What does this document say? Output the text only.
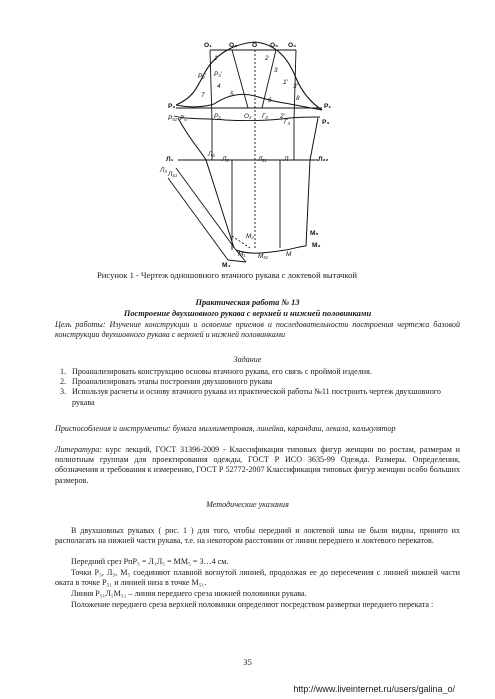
O₁	O₂ O O₅ O₃
1	2
3
P₂' P₃'
1'
3'
4
5
7
6	8
P₂	P₁
P₅₁	P₅	O₂ Г₂ 2'
Г₃	P₃
P₆
Л₅
Л₁	Л₂	Л₁₁	Л	Л₂₂
Л₅₁
Л₃
M₅
M₃
M
M₁ M₅₁
M₂
M₄
Рисунок 1 - Чертеж одношовного втачного рукава с локтевой вытачкой
Практическая работа № 13
Построение двухшовного рукава с верхней и нижней половинками
Цель работы: Изучение конструкции и освоение приемов и последовательности построения чертежа базовой конструкции двухшовного рукава с верхней и нижней половинками
Задание
1. Проанализировать конструкцию основы втачного рукава, его связь с проймой изделия.
2. Проанализировать этапы построения двухшовного рукава
3. Используя расчеты и основу втачного рукава из практической работы №11 построить чертеж двухшовного рукава
Приспособления и инструменты: бумага миллиметровая, линейка, карандаш, лекала, калькулятор
Литература: курс лекций, ГОСТ 31396-2009 - Классификация типовых фигур женщин по ростам, размерам и полнотным группам для проектирования одежды, ГОСТ Р ИСО 3635-99 Одежда. Размеры. Определения, обозначения и требования к измерению, ГОСТ Р 52772-2007 Классификация типовых фигур женщин особо больших размеров.
Методические указания
В двухшовных рукавах ( рис. 1 ) для того, чтобы передний и локтевой швы не были видны, принято их располагать на нижней части рукава, т.е. на некотором расстоянии от линии переднего и локтевого перекатов.
Передний срез PпP₅ = Л₁Л₅ = MM₅ = 3…4 см.
Точки P₅, Л₅, M₅ соединяют плавной вогнутой линией, продолжая ее до пересечения с линией нижней части оката в точке P₅₁ и линией низа в точке M₅₁.
Линия P₅₁Л₅M₅₁ – линия переднего среза нижней половинки рукава.
Положение переднего среза верхней половинки определяют посредством развертки переднего переката :
35
http://www.liveinternet.ru/users/galina_o/
